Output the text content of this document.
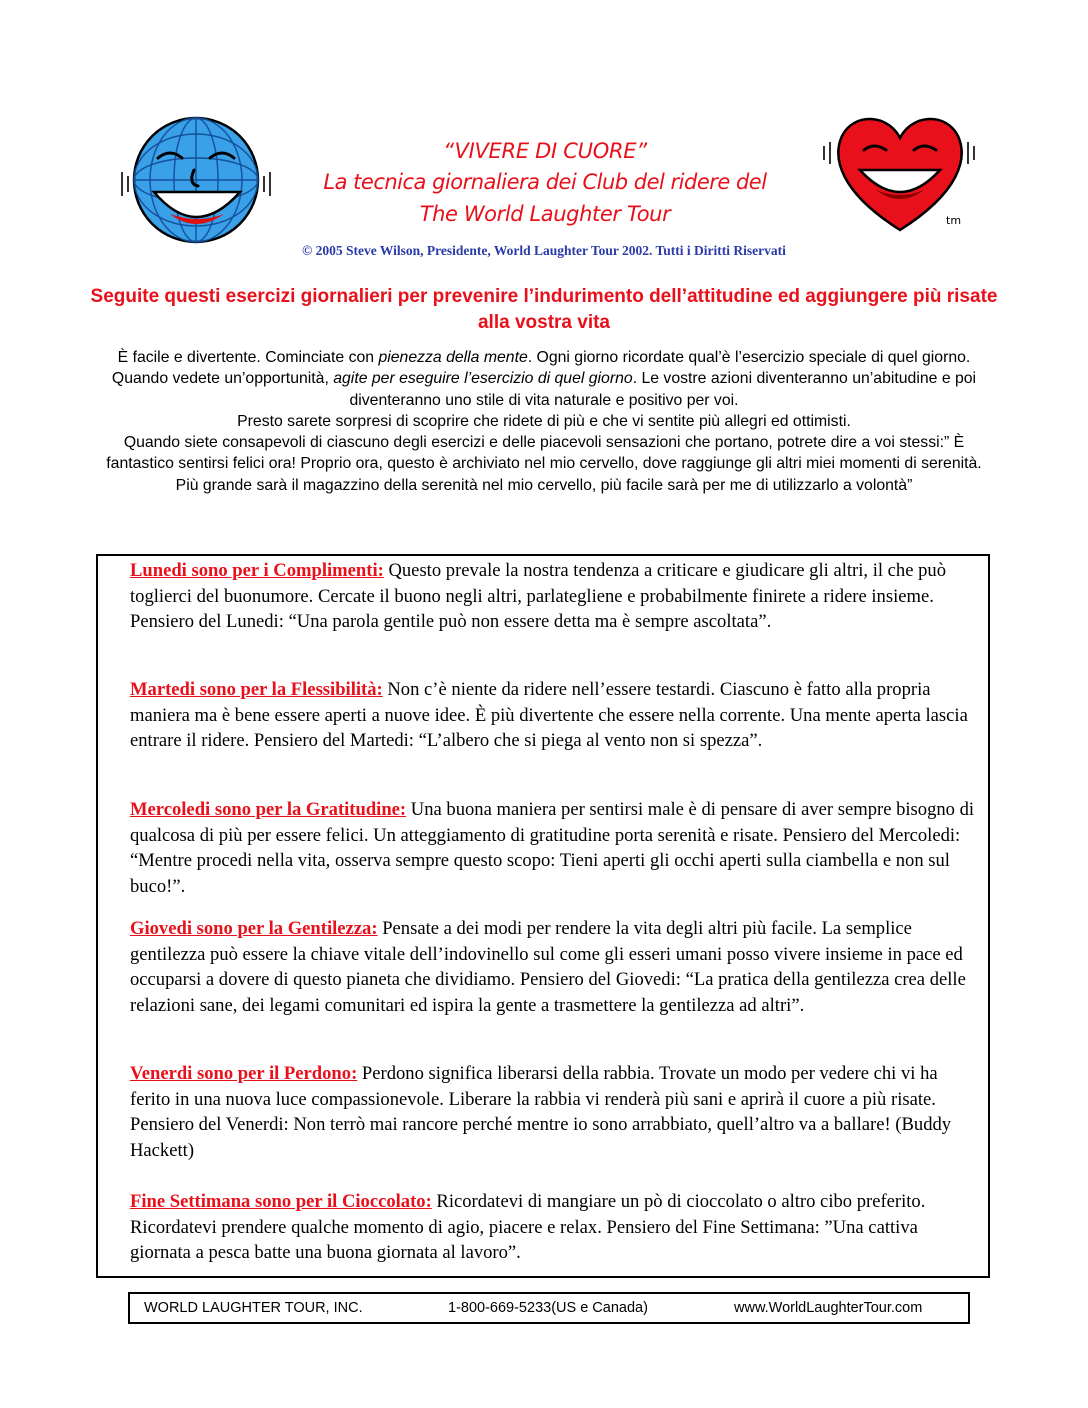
“VIVERE DI CUORE”
La tecnica giornaliera dei Club del ridere del
The World Laughter Tour	tm
© 2005 Steve Wilson, Presidente, World Laughter Tour 2002. Tutti i Diritti Riservati
Seguite questi esercizi giornalieri per prevenire l’indurimento dell’attitudine ed aggiungere più risate alla vostra vita

È facile e divertente. Cominciate con pienezza della mente. Ogni giorno ricordate qual’è l’esercizio speciale di quel giorno.

Quando vedete un’opportunità, agite per eseguire l’esercizio di quel giorno. Le vostre azioni diventeranno un’abitudine e poi diventeranno uno stile di vita naturale e positivo per voi.

Presto sarete sorpresi di scoprire che ridete di più e che vi sentite più allegri ed ottimisti.

Quando siete consapevoli di ciascuno degli esercizi e delle piacevoli sensazioni che portano, potrete dire a voi stessi:” È fantastico sentirsi felici ora! Proprio ora, questo è archiviato nel mio cervello, dove raggiunge gli altri miei momenti di serenità. Più grande sarà il magazzino della serenità nel mio cervello, più facile sarà per me di utilizzarlo a volontà”

Lunedi sono per i Complimenti: Questo prevale la nostra tendenza a criticare e giudicare gli altri, il che può toglierci del buonumore. Cercate il buono negli altri, parlategliene e probabilmente finirete a ridere insieme. Pensiero del Lunedi: “Una parola gentile può non essere detta ma è sempre ascoltata”.
Martedi sono per la Flessibilità: Non c’è niente da ridere nell’essere testardi. Ciascuno è fatto alla propria maniera ma è bene essere aperti a nuove idee. È più divertente che essere nella corrente. Una mente aperta lascia entrare il ridere. Pensiero del Martedi: “L’albero che si piega al vento non si spezza”.
Mercoledi sono per la Gratitudine: Una buona maniera per sentirsi male è di pensare di aver sempre bisogno di qualcosa di più per essere felici. Un atteggiamento di gratitudine porta serenità e risate. Pensiero del Mercoledi: “Mentre procedi nella vita, osserva sempre questo scopo: Tieni aperti gli occhi aperti sulla ciambella e non sul buco!”.
Giovedi sono per la Gentilezza: Pensate a dei modi per rendere la vita degli altri più facile. La semplice gentilezza può essere la chiave vitale dell’indovinello sul come gli esseri umani posso vivere insieme in pace ed occuparsi a dovere di questo pianeta che dividiamo. Pensiero del Giovedi: “La pratica della gentilezza crea delle relazioni sane, dei legami comunitari ed ispira la gente a trasmettere la gentilezza ad altri”.
Venerdi sono per il Perdono: Perdono significa liberarsi della rabbia. Trovate un modo per vedere chi vi ha ferito in una nuova luce compassionevole. Liberare la rabbia vi renderà più sani e aprirà il cuore a più risate. Pensiero del Venerdi: Non terrò mai rancore perché mentre io sono arrabbiato, quell’altro va a ballare! (Buddy Hackett)
Fine Settimana sono per il Cioccolato: Ricordatevi di mangiare un pò di cioccolato o altro cibo preferito. Ricordatevi prendere qualche momento di agio, piacere e relax. Pensiero del Fine Settimana: ”Una cattiva giornata a pesca batte una buona giornata al lavoro”.
WORLD LAUGHTER TOUR, INC.	1-800-669-5233(US e Canada)	www.WorldLaughterTour.com
